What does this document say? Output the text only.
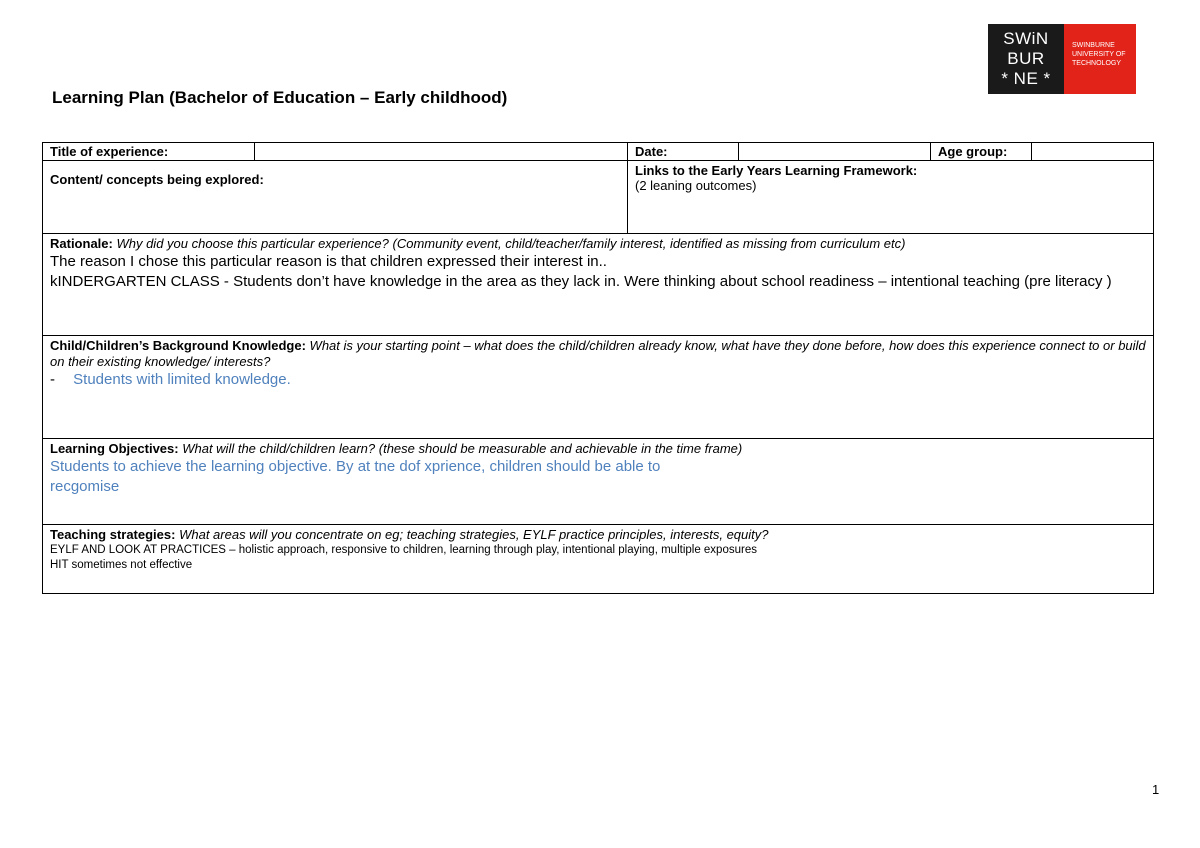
SWiN
BUR
* NE *
SWINBURNE
UNIVERSITY OF
TECHNOLOGY
Learning Plan (Bachelor of Education – Early childhood)
Title of experience:	Date:	Age group:
Content/ concepts being explored:
Links to the Early Years Learning Framework:
(2 leaning outcomes)
Rationale: Why did you choose this particular experience? (Community event, child/teacher/family interest, identified as missing from curriculum etc)
The reason I chose this particular reason is that children expressed their interest in..
kINDERGARTEN CLASS - Students don’t have knowledge in the area as they lack in. Were thinking about school readiness – intentional teaching (pre literacy )
Child/Children’s Background Knowledge: What is your starting point – what does the child/children already know, what have they done before, how does this experience connect to or build on their existing knowledge/ interests?
- Students with limited knowledge.
Learning Objectives: What will the child/children learn? (these should be measurable and achievable in the time frame)
Students to achieve the learning objective. By at tne dof xprience, children should be able to
recgomise
Teaching strategies: What areas will you concentrate on eg; teaching strategies, EYLF practice principles, interests, equity?
EYLF AND LOOK AT PRACTICES – holistic approach, responsive to children, learning through play, intentional playing, multiple exposures
HIT sometimes not effective
1
